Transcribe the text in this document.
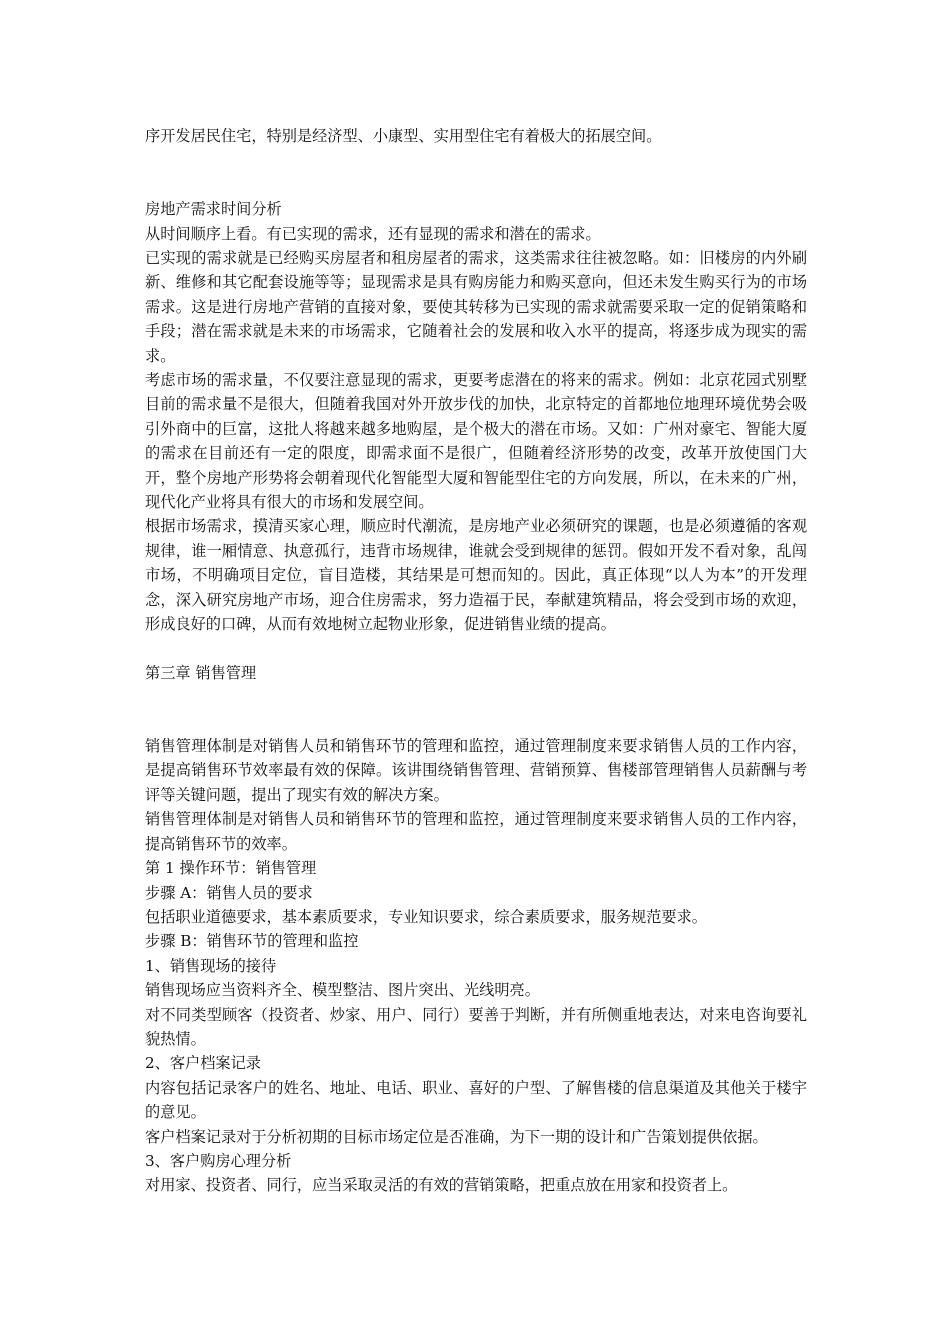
序开发居民住宅，特别是经济型、小康型、实用型住宅有着极大的拓展空间。

房地产需求时间分析

从时间顺序上看。有已实现的需求，还有显现的需求和潜在的需求。

已实现的需求就是已经购买房屋者和租房屋者的需求，这类需求往往被忽略。如：旧楼房的内外刷新、维修和其它配套设施等等；显现需求是具有购房能力和购买意向，但还未发生购买行为的市场需求。这是进行房地产营销的直接对象，要使其转移为已实现的需求就需要采取一定的促销策略和手段；潜在需求就是未来的市场需求，它随着社会的发展和收入水平的提高，将逐步成为现实的需求。

考虑市场的需求量，不仅要注意显现的需求，更要考虑潜在的将来的需求。例如：北京花园式别墅目前的需求量不是很大，但随着我国对外开放步伐的加快，北京特定的首都地位地理环境优势会吸引外商中的巨富，这批人将越来越多地购屋，是个极大的潜在市场。又如：广州对豪宅、智能大厦的需求在目前还有一定的限度，即需求面不是很广，但随着经济形势的改变，改革开放使国门大开，整个房地产形势将会朝着现代化智能型大厦和智能型住宅的方向发展，所以，在未来的广州，现代化产业将具有很大的市场和发展空间。

根据市场需求，摸清买家心理，顺应时代潮流，是房地产业必须研究的课题，也是必须遵循的客观规律，谁一厢情意、执意孤行，违背市场规律，谁就会受到规律的惩罚。假如开发不看对象，乱闯市场，不明确项目定位，盲目造楼，其结果是可想而知的。因此，真正体现“以人为本”的开发理念，深入研究房地产市场，迎合住房需求，努力造福于民，奉献建筑精品，将会受到市场的欢迎，形成良好的口碑，从而有效地树立起物业形象，促进销售业绩的提高。

第三章 销售管理

销售管理体制是对销售人员和销售环节的管理和监控，通过管理制度来要求销售人员的工作内容，是提高销售环节效率最有效的保障。该讲围绕销售管理、营销预算、售楼部管理销售人员薪酬与考评等关键问题，提出了现实有效的解决方案。

销售管理体制是对销售人员和销售环节的管理和监控，通过管理制度来要求销售人员的工作内容，提高销售环节的效率。

第 1 操作环节：销售管理

步骤 A：销售人员的要求

包括职业道德要求，基本素质要求，专业知识要求，综合素质要求，服务规范要求。

步骤 B：销售环节的管理和监控

1、销售现场的接待

销售现场应当资料齐全、模型整洁、图片突出、光线明亮。

对不同类型顾客（投资者、炒家、用户、同行）要善于判断，并有所侧重地表达，对来电咨询要礼貌热情。

2、客户档案记录

内容包括记录客户的姓名、地址、电话、职业、喜好的户型、了解售楼的信息渠道及其他关于楼宇的意见。

客户档案记录对于分析初期的目标市场定位是否准确，为下一期的设计和广告策划提供依据。

3、客户购房心理分析

对用家、投资者、同行，应当采取灵活的有效的营销策略，把重点放在用家和投资者上。
